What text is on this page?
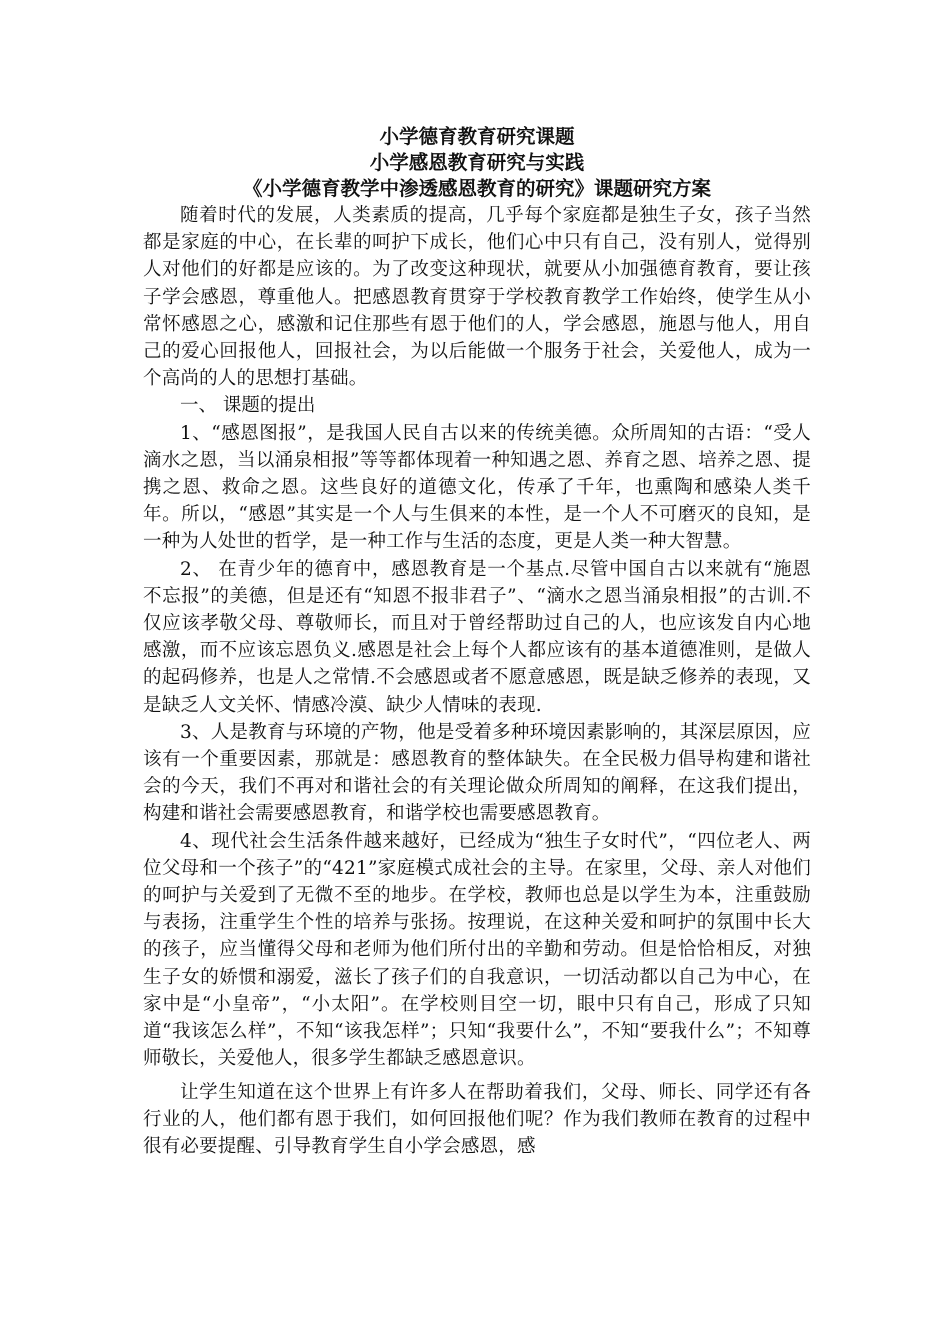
小学德育教育研究课题

小学感恩教育研究与实践

《小学德育教学中渗透感恩教育的研究》课题研究方案

随着时代的发展，人类素质的提高，几乎每个家庭都是独生子女，孩子当然都是家庭的中心，在长辈的呵护下成长，他们心中只有自己，没有别人，觉得别人对他们的好都是应该的。为了改变这种现状，就要从小加强德育教育，要让孩子学会感恩，尊重他人。把感恩教育贯穿于学校教育教学工作始终，使学生从小常怀感恩之心，感激和记住那些有恩于他们的人，学会感恩，施恩与他人，用自己的爱心回报他人，回报社会，为以后能做一个服务于社会，关爱他人，成为一个高尚的人的思想打基础。

一、 课题的提出

1、“感恩图报”，是我国人民自古以来的传统美德。众所周知的古语：“受人滴水之恩，当以涌泉相报”等等都体现着一种知遇之恩、养育之恩、培养之恩、提携之恩、救命之恩。这些良好的道德文化，传承了千年，也熏陶和感染人类千年。所以，“感恩”其实是一个人与生俱来的本性，是一个人不可磨灭的良知，是一种为人处世的哲学，是一种工作与生活的态度，更是人类一种大智慧。

2、 在青少年的德育中，感恩教育是一个基点.尽管中国自古以来就有“施恩不忘报”的美德，但是还有“知恩不报非君子”、“滴水之恩当涌泉相报”的古训.不仅应该孝敬父母、尊敬师长，而且对于曾经帮助过自己的人，也应该发自内心地感激，而不应该忘恩负义.感恩是社会上每个人都应该有的基本道德准则，是做人的起码修养，也是人之常情.不会感恩或者不愿意感恩，既是缺乏修养的表现，又是缺乏人文关怀、情感冷漠、缺少人情味的表现.

3、人是教育与环境的产物，他是受着多种环境因素影响的，其深层原因，应该有一个重要因素，那就是：感恩教育的整体缺失。在全民极力倡导构建和谐社会的今天，我们不再对和谐社会的有关理论做众所周知的阐释，在这我们提出，构建和谐社会需要感恩教育，和谐学校也需要感恩教育。

4、现代社会生活条件越来越好，已经成为“独生子女时代”，“四位老人、两位父母和一个孩子”的“421”家庭模式成社会的主导。在家里，父母、亲人对他们的呵护与关爱到了无微不至的地步。在学校，教师也总是以学生为本，注重鼓励与表扬，注重学生个性的培养与张扬。按理说，在这种关爱和呵护的氛围中长大的孩子，应当懂得父母和老师为他们所付出的辛勤和劳动。但是恰恰相反，对独生子女的娇惯和溺爱，滋长了孩子们的自我意识，一切活动都以自己为中心，在家中是“小皇帝”，“小太阳”。在学校则目空一切，眼中只有自己，形成了只知道“我该怎么样”，不知“该我怎样”；只知“我要什么”，不知“要我什么”；不知尊师敬长，关爱他人，很多学生都缺乏感恩意识。

让学生知道在这个世界上有许多人在帮助着我们，父母、师长、同学还有各行业的人，他们都有恩于我们，如何回报他们呢？作为我们教师在教育的过程中很有必要提醒、引导教育学生自小学会感恩，感
